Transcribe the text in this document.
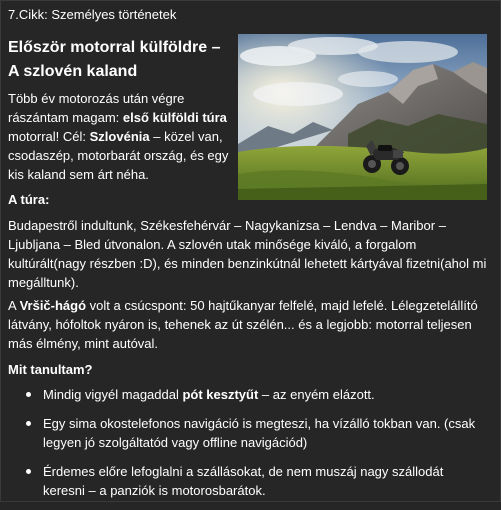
7.Cikk: Személyes történetek
Először motorral külföldre –
A szlovén kaland

Több év motorozás után végre rászántam magam: első külföldi túra motorral! Cél: Szlovénia – közel van, csodaszép, motorbarát ország, és egy kis kaland sem árt néha.

A túra:

Budapestről indultunk, Székesfehérvár – Nagykanizsa – Lendva – Maribor – Ljubljana – Bled útvonalon. A szlovén utak minősége kiváló, a forgalom kultúrált(nagy részben :D), és minden benzinkútnál lehetett kártyával fizetni(ahol mi megálltunk).

A Vršič-hágó volt a csúcspont: 50 hajtűkanyar felfelé, majd lefelé. Lélegzetelállító látvány, hófoltok nyáron is, tehenek az út szélén... és a legjobb: motorral teljesen más élmény, mint autóval.

Mit tanultam?

Mindig vigyél magaddal pót kesztyűt – az enyém elázott.
Egy sima okostelefonos navigáció is megteszi, ha vízálló tokban van. (csak legyen jó szolgáltatód vagy offline navigációd)
Érdemes előre lefoglalni a szállásokat, de nem muszáj nagy szállodát keresni – a panziók is motorosbarátok.
